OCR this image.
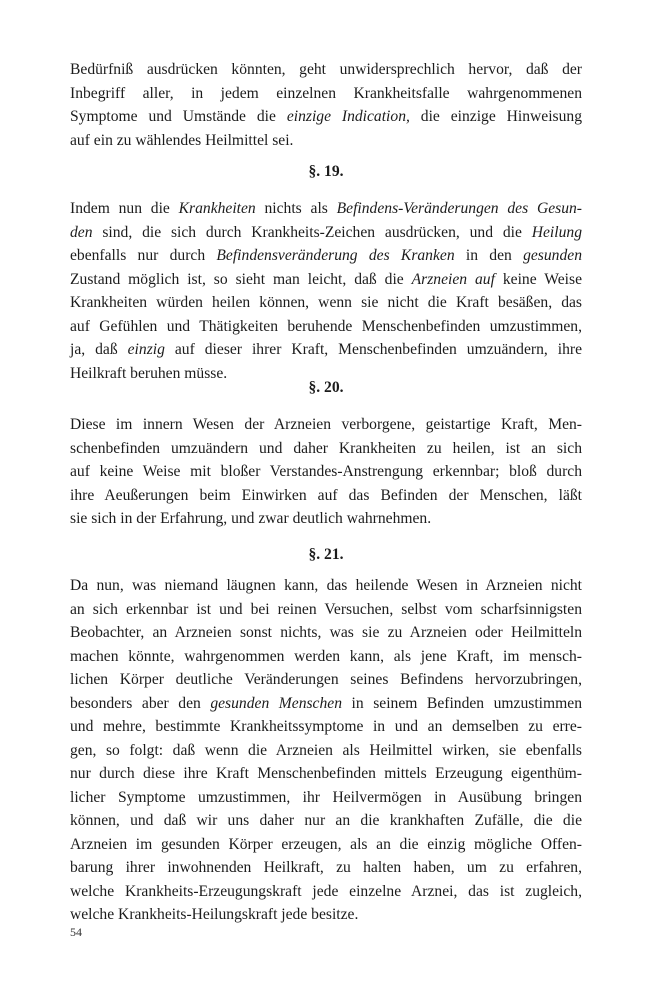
Bedürfniß ausdrücken könnten, geht unwidersprechlich hervor, daß der
Inbegriff aller, in jedem einzelnen Krankheitsfalle wahrgenommenen
Symptome und Umstände die einzige Indication, die einzige Hinweisung
auf ein zu wählendes Heilmittel sei.
§. 19.
Indem nun die Krankheiten nichts als Befindens-Veränderungen des Gesun-
den sind, die sich durch Krankheits-Zeichen ausdrücken, und die Heilung
ebenfalls nur durch Befindensveränderung des Kranken in den gesunden
Zustand möglich ist, so sieht man leicht, daß die Arzneien auf keine Weise
Krankheiten würden heilen können, wenn sie nicht die Kraft besäßen, das
auf Gefühlen und Thätigkeiten beruhende Menschenbefinden umzustimmen,
ja, daß einzig auf dieser ihrer Kraft, Menschenbefinden umzuändern, ihre
Heilkraft beruhen müsse.
§. 20.
Diese im innern Wesen der Arzneien verborgene, geistartige Kraft, Men-
schenbefinden umzuändern und daher Krankheiten zu heilen, ist an sich
auf keine Weise mit bloßer Verstandes-Anstrengung erkennbar; bloß durch
ihre Aeußerungen beim Einwirken auf das Befinden der Menschen, läßt
sie sich in der Erfahrung, und zwar deutlich wahrnehmen.
§. 21.
Da nun, was niemand läugnen kann, das heilende Wesen in Arzneien nicht
an sich erkennbar ist und bei reinen Versuchen, selbst vom scharfsinnigsten
Beobachter, an Arzneien sonst nichts, was sie zu Arzneien oder Heilmitteln
machen könnte, wahrgenommen werden kann, als jene Kraft, im mensch-
lichen Körper deutliche Veränderungen seines Befindens hervorzubringen,
besonders aber den gesunden Menschen in seinem Befinden umzustimmen
und mehre, bestimmte Krankheitssymptome in und an demselben zu erre-
gen, so folgt: daß wenn die Arzneien als Heilmittel wirken, sie ebenfalls
nur durch diese ihre Kraft Menschenbefinden mittels Erzeugung eigenthüm-
licher Symptome umzustimmen, ihr Heilvermögen in Ausübung bringen
können, und daß wir uns daher nur an die krankhaften Zufälle, die die
Arzneien im gesunden Körper erzeugen, als an die einzig mögliche Offen-
barung ihrer inwohnenden Heilkraft, zu halten haben, um zu erfahren,
welche Krankheits-Erzeugungskraft jede einzelne Arznei, das ist zugleich,
welche Krankheits-Heilungskraft jede besitze.
54
